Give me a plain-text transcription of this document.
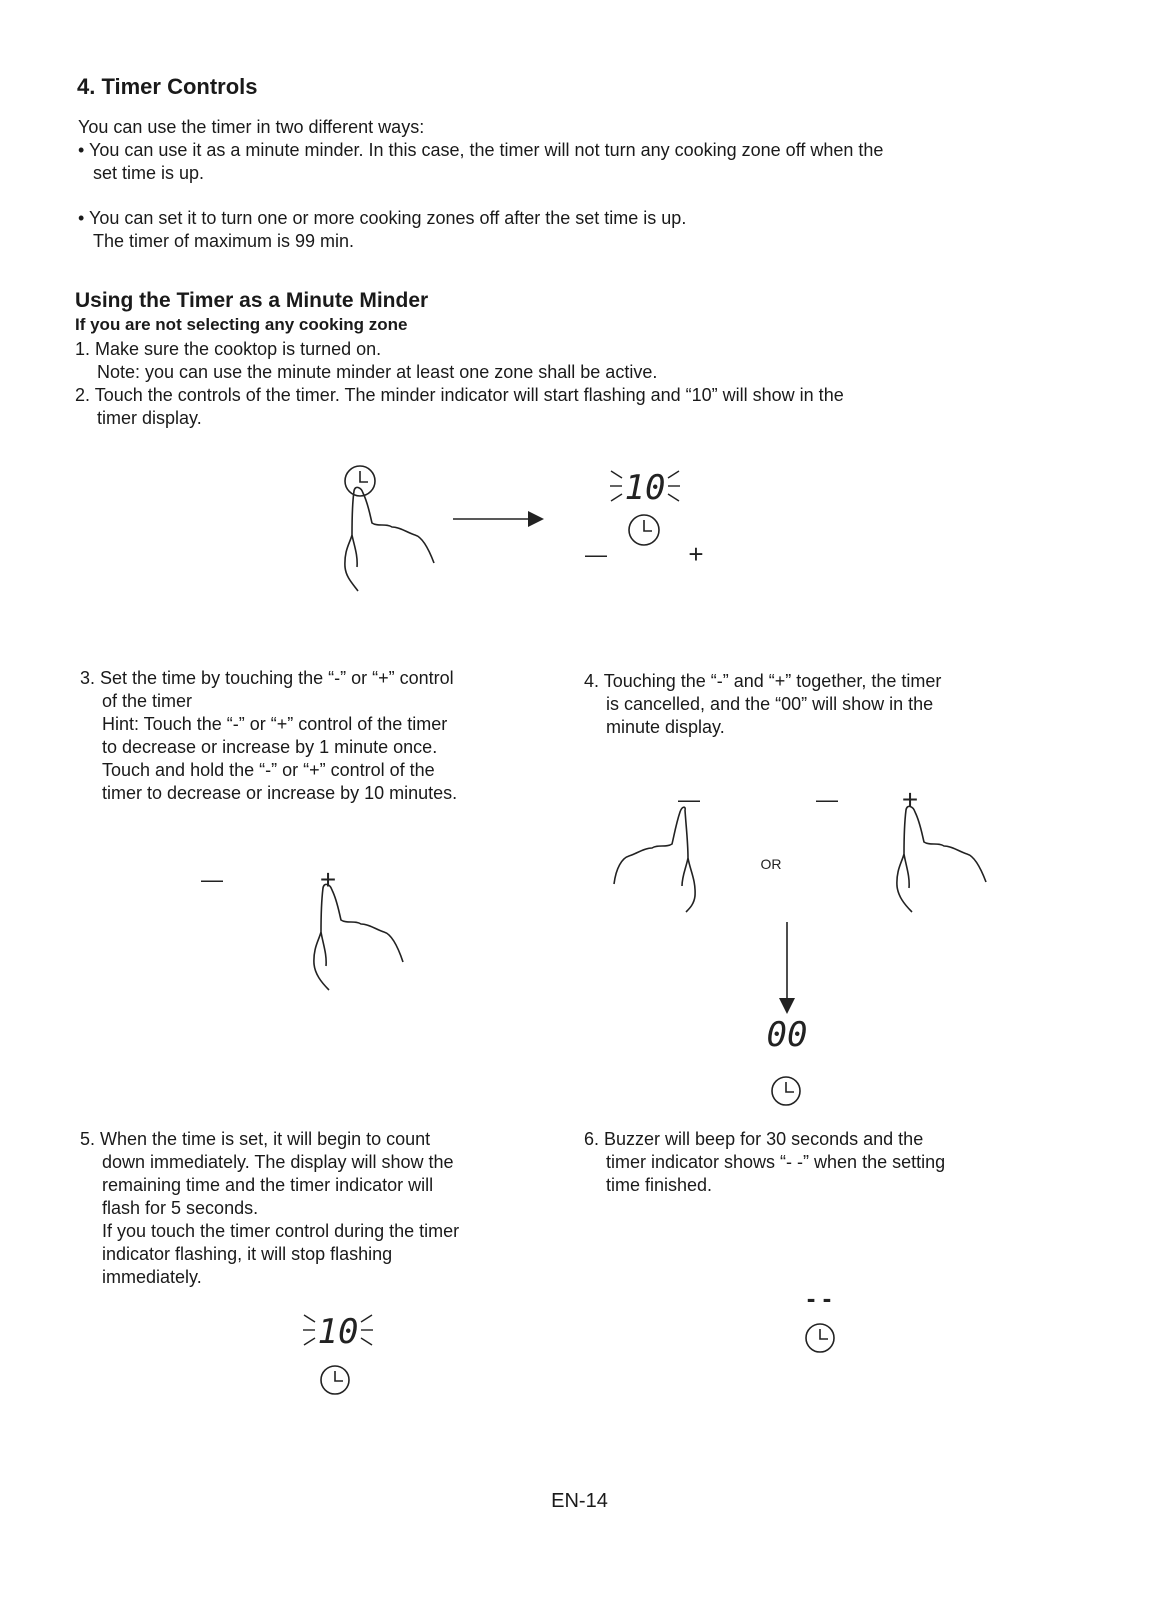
4. Timer Controls
You can use the timer in two different ways:
• You can use it as a minute minder. In this case, the timer will not turn any cooking zone off when the

set time is up.
• You can set it to turn one or more cooking zones off after the set time is up.

The timer of maximum is 99 min.
Using the Timer as a Minute Minder
If you are not selecting any cooking zone
1. Make sure the cooktop is turned on.

Note: you can use the minute minder at least one zone shall be active.
2. Touch the controls of the timer. The minder indicator will start flashing and “10” will show in the

timer display.
10
—	+
3. Set the time by touching the “-” or “+” control

of the timer
Hint: Touch the “-” or “+” control of the timer
to decrease or increase by 1 minute once.
Touch and hold the “-” or “+” control of the
timer to decrease or increase by 10 minutes.
4. Touching the “-” and “+” together, the timer

is cancelled, and the “00” will show in the
minute display.
—	+
—
OR
— +
00
5. When the time is set, it will begin to count

down immediately. The display will show the
remaining time and the timer indicator will
flash for 5 seconds.
If you touch the timer control during the timer
indicator flashing, it will stop flashing
immediately.
6. Buzzer will beep for 30 seconds and the

timer indicator shows “- -” when the setting
time finished.
10
- -
EN-14
